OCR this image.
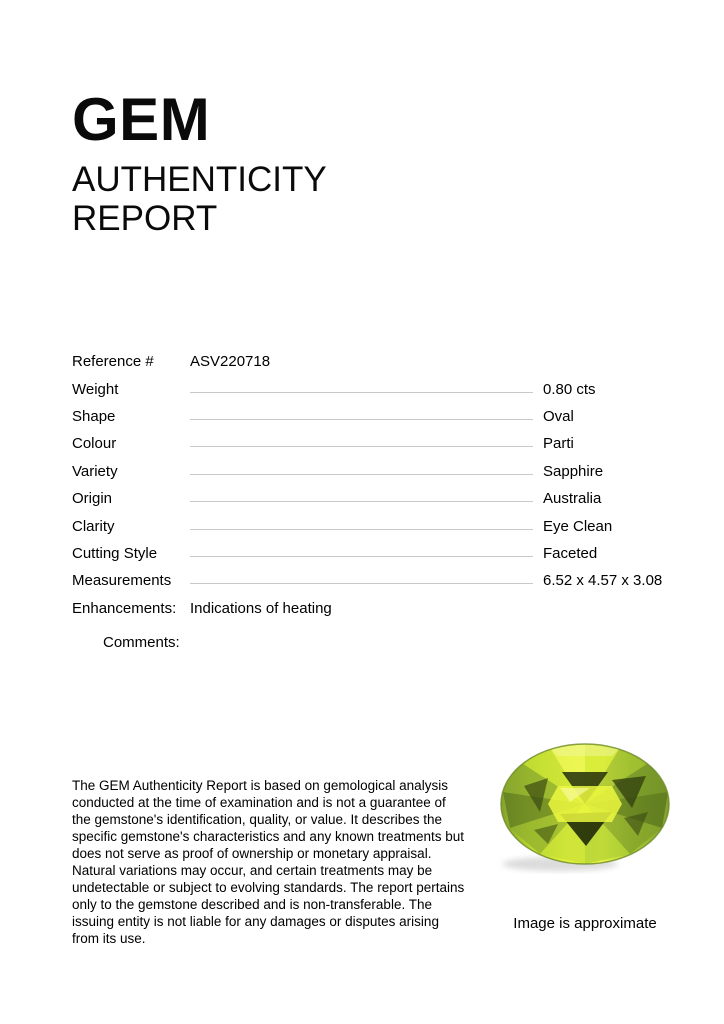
GEM
AUTHENTICITY REPORT
Reference #	ASV220718
Weight	0.80 cts
Shape	Oval
Colour	Parti
Variety	Sapphire
Origin	Australia
Clarity	Eye Clean
Cutting Style	Faceted
Measurements	6.52 x 4.57 x 3.08
Enhancements: Indications of heating
Comments:

The GEM Authenticity Report is based on gemological analysis conducted at the time of examination and is not a guarantee of the gemstone's identification, quality, or value. It describes the specific gemstone's characteristics and any known treatments but does not serve as proof of ownership or monetary appraisal. Natural variations may occur, and certain treatments may be undetectable or subject to evolving standards. The report pertains only to the gemstone described and is non-transferable. The issuing entity is not liable for any damages or disputes arising from its use.

Image is approximate
